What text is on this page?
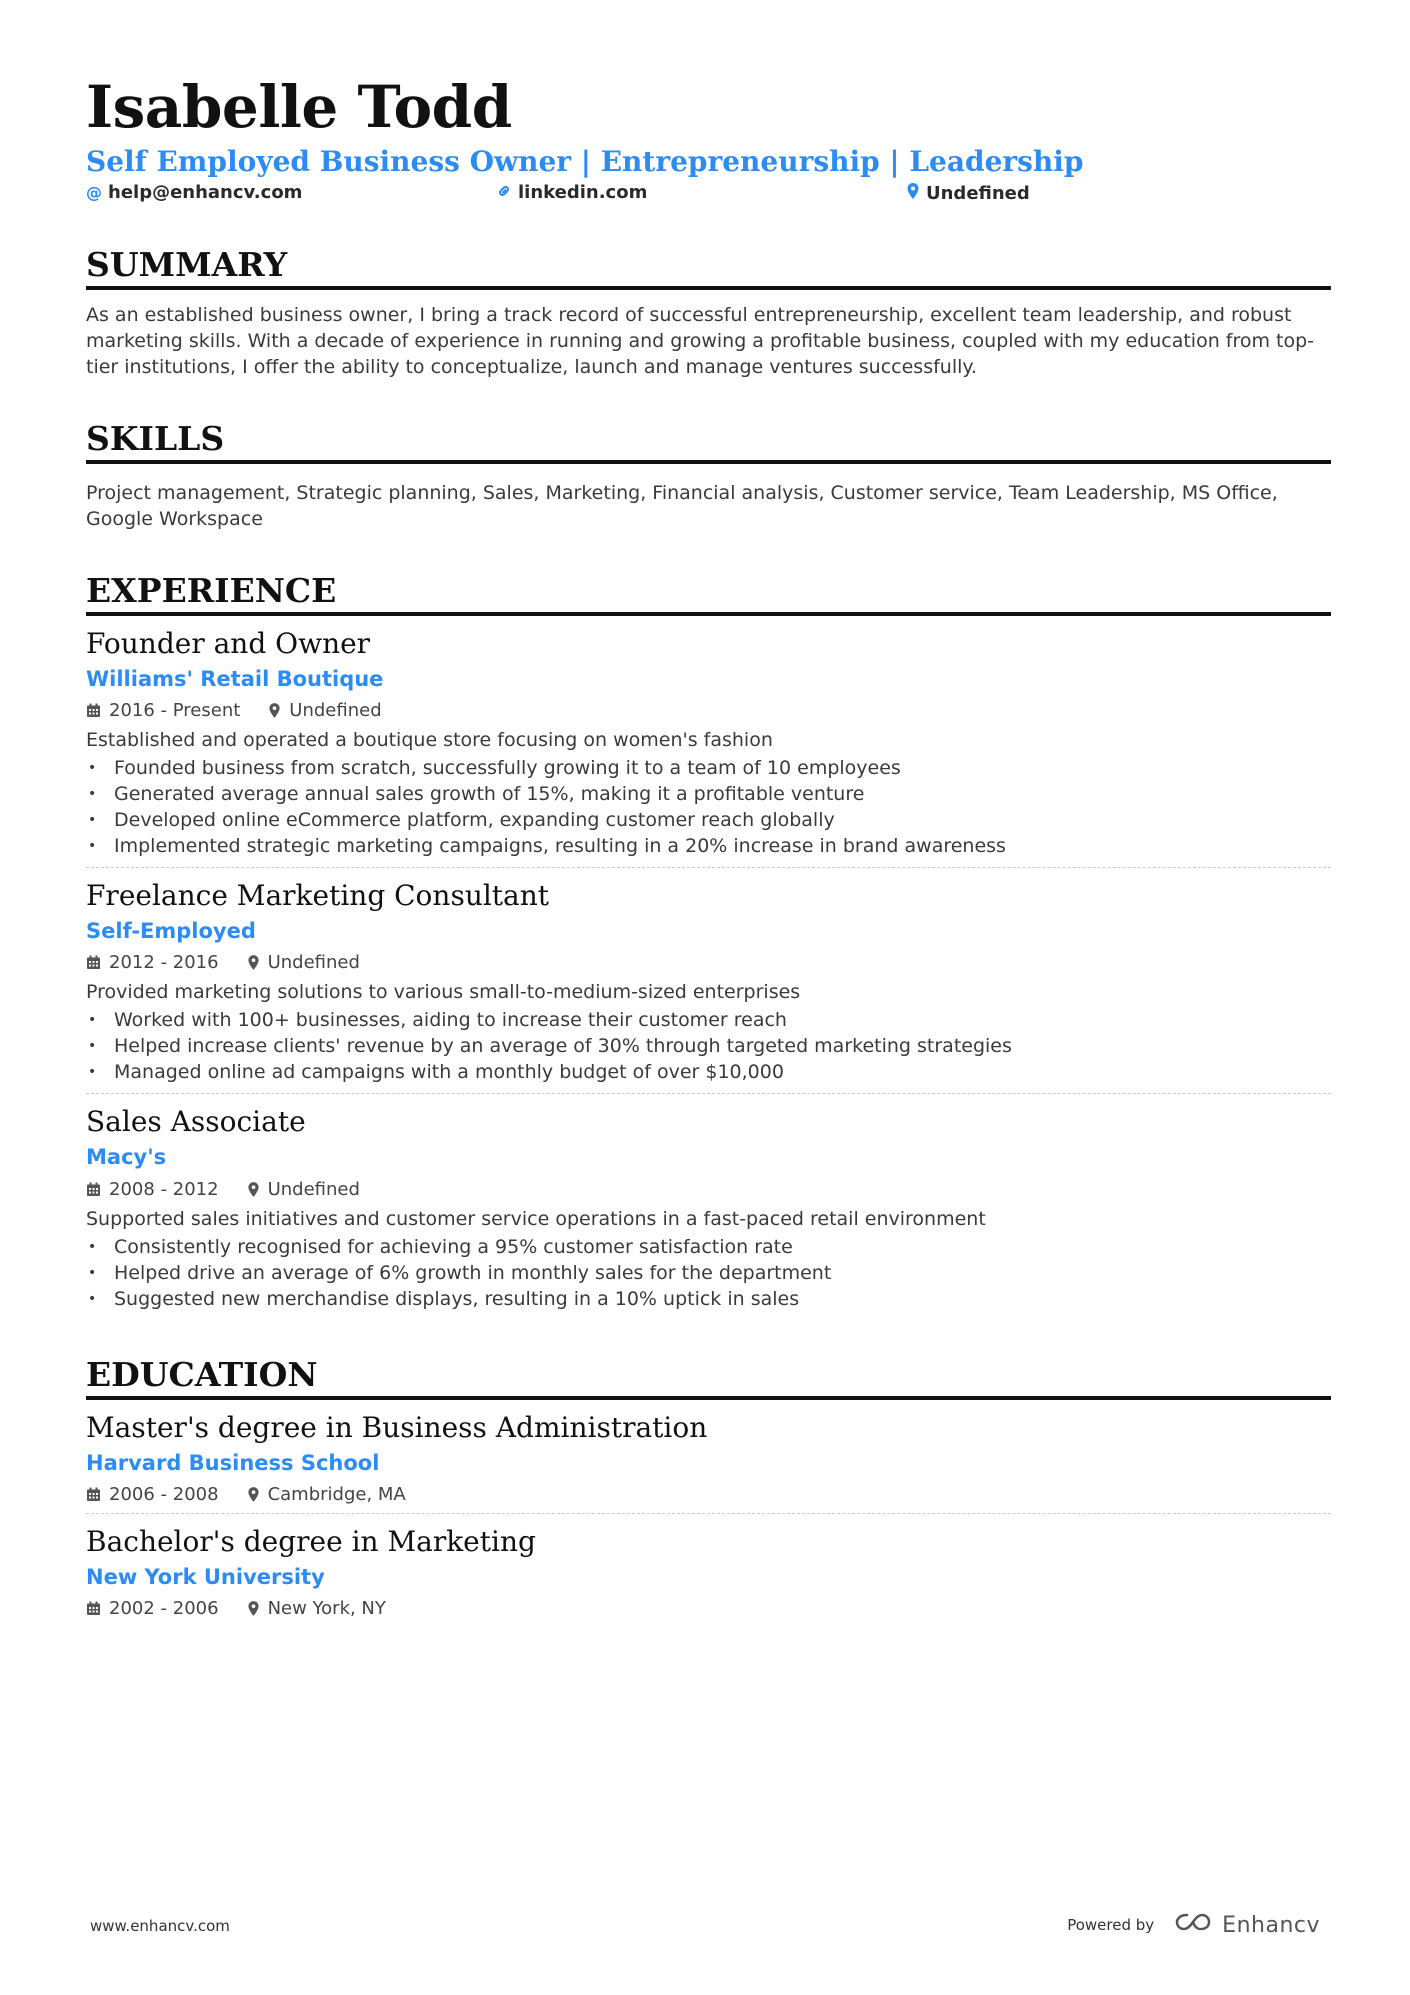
Isabelle Todd
Self Employed Business Owner | Entrepreneurship | Leadership
@ help@enhancv.com	linkedin.com	Undefined
SUMMARY
As an established business owner, I bring a track record of successful entrepreneurship, excellent team leadership, and robust marketing skills. With a decade of experience in running and growing a profitable business, coupled with my education from top-tier institutions, I offer the ability to conceptualize, launch and manage ventures successfully.
SKILLS
Project management, Strategic planning, Sales, Marketing, Financial analysis, Customer service, Team Leadership, MS Office, Google Workspace
EXPERIENCE
Founder and Owner
Williams' Retail Boutique
2016 - Present	Undefined
Established and operated a boutique store focusing on women's fashion
• Founded business from scratch, successfully growing it to a team of 10 employees
• Generated average annual sales growth of 15%, making it a profitable venture
• Developed online eCommerce platform, expanding customer reach globally
• Implemented strategic marketing campaigns, resulting in a 20% increase in brand awareness
Freelance Marketing Consultant
Self-Employed
2012 - 2016	Undefined
Provided marketing solutions to various small-to-medium-sized enterprises
• Worked with 100+ businesses, aiding to increase their customer reach
• Helped increase clients' revenue by an average of 30% through targeted marketing strategies
• Managed online ad campaigns with a monthly budget of over $10,000
Sales Associate
Macy's
2008 - 2012	Undefined
Supported sales initiatives and customer service operations in a fast-paced retail environment
• Consistently recognised for achieving a 95% customer satisfaction rate
• Helped drive an average of 6% growth in monthly sales for the department
• Suggested new merchandise displays, resulting in a 10% uptick in sales
EDUCATION
Master's degree in Business Administration
Harvard Business School
2006 - 2008	Cambridge, MA
Bachelor's degree in Marketing
New York University
2002 - 2006	New York, NY
www.enhancv.com	Powered by	Enhancv
